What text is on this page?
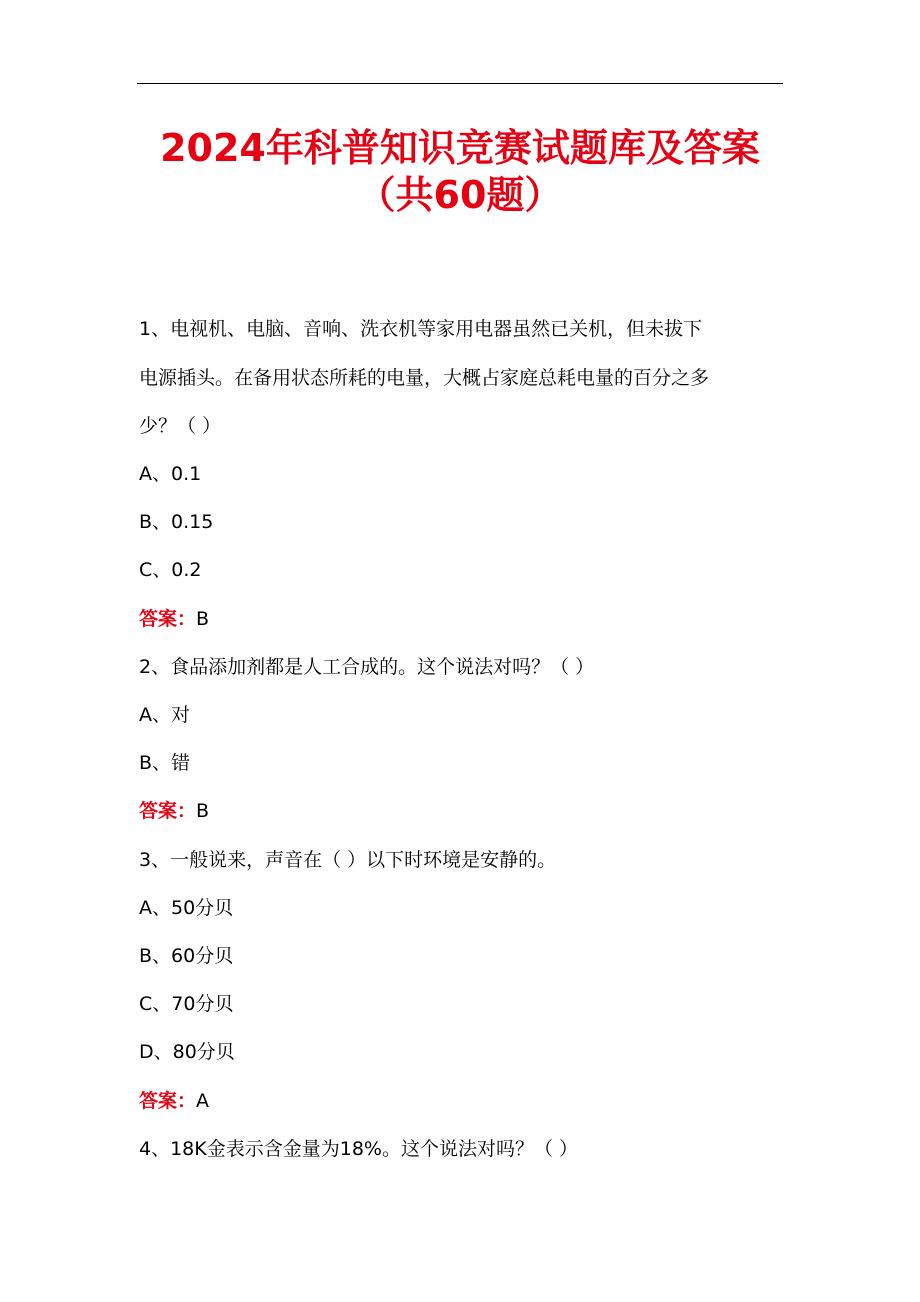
2024年科普知识竞赛试题库及答案
（共60题）
1、电视机、电脑、音响、洗衣机等家用电器虽然已关机，但未拔下
电源插头。在备用状态所耗的电量，大概占家庭总耗电量的百分之多
少？（ ）
A、0.1
B、0.15
C、0.2
答案：B
2、食品添加剂都是人工合成的。这个说法对吗？（ ）
A、对
B、错
答案：B
3、一般说来，声音在（ ）以下时环境是安静的。
A、50分贝
B、60分贝
C、70分贝
D、80分贝
答案：A
4、18K金表示含金量为18%。这个说法对吗？（ ）
